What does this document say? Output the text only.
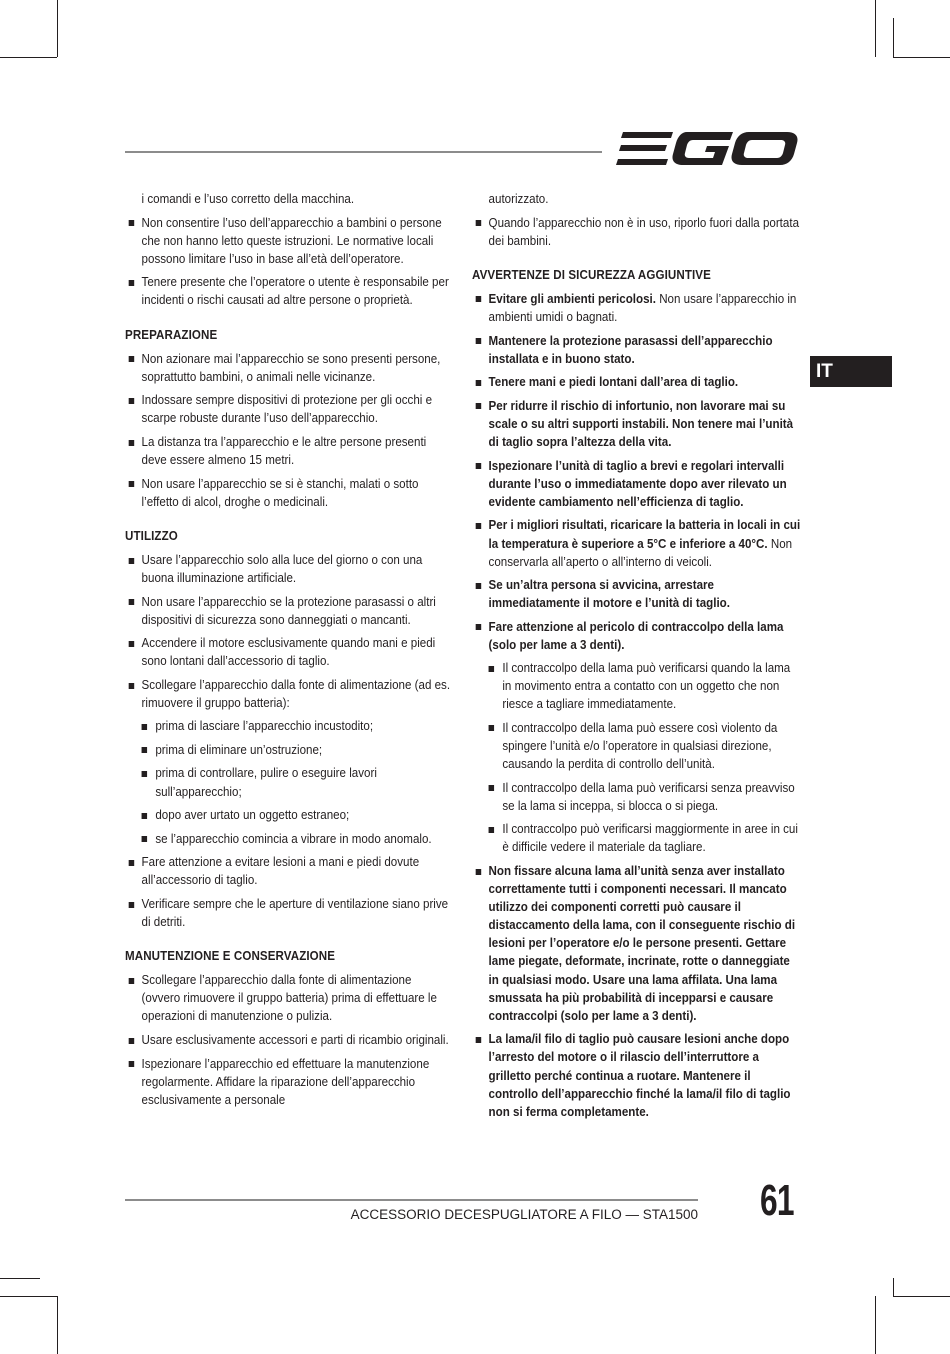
IT

i comandi e l’uso corretto della macchina.

Non consentire l’uso dell’apparecchio a bambini o persone che non hanno letto queste istruzioni. Le normative locali possono limitare l’uso in base all’età dell’operatore.
Tenere presente che l’operatore o utente è responsabile per incidenti o rischi causati ad altre persone o proprietà.

PREPARAZIONE

Non azionare mai l’apparecchio se sono presenti persone, soprattutto bambini, o animali nelle vicinanze.
Indossare sempre dispositivi di protezione per gli occhi e scarpe robuste durante l’uso dell’apparecchio.
La distanza tra l’apparecchio e le altre persone presenti deve essere almeno 15 metri.
Non usare l’apparecchio se si è stanchi, malati o sotto l’effetto di alcol, droghe o medicinali.

UTILIZZO

Usare l’apparecchio solo alla luce del giorno o con una buona illuminazione artificiale.
Non usare l’apparecchio se la protezione parasassi o altri dispositivi di sicurezza sono danneggiati o mancanti.
Accendere il motore esclusivamente quando mani e piedi sono lontani dall’accessorio di taglio.
Scollegare l’apparecchio dalla fonte di alimentazione (ad es. rimuovere il gruppo batteria):
prima di lasciare l’apparecchio incustodito;
prima di eliminare un’ostruzione;
prima di controllare, pulire o eseguire lavori sull’apparecchio;
dopo aver urtato un oggetto estraneo;
se l’apparecchio comincia a vibrare in modo anomalo.
Fare attenzione a evitare lesioni a mani e piedi dovute all’accessorio di taglio.
Verificare sempre che le aperture di ventilazione siano prive di detriti.

MANUTENZIONE E CONSERVAZIONE

Scollegare l’apparecchio dalla fonte di alimentazione (ovvero rimuovere il gruppo batteria) prima di effettuare le operazioni di manutenzione o pulizia.
Usare esclusivamente accessori e parti di ricambio originali.
Ispezionare l’apparecchio ed effettuare la manutenzione regolarmente. Affidare la riparazione dell’apparecchio esclusivamente a personale

autorizzato.

Quando l’apparecchio non è in uso, riporlo fuori dalla portata dei bambini.

AVVERTENZE DI SICUREZZA AGGIUNTIVE

Evitare gli ambienti pericolosi. Non usare l’apparecchio in ambienti umidi o bagnati.
Mantenere la protezione parasassi dell’apparecchio installata e in buono stato.
Tenere mani e piedi lontani dall’area di taglio.
Per ridurre il rischio di infortunio, non lavorare mai su scale o su altri supporti instabili. Non tenere mai l’unità di taglio sopra l’altezza della vita.
Ispezionare l’unità di taglio a brevi e regolari intervalli durante l’uso o immediatamente dopo aver rilevato un evidente cambiamento nell’efficienza di taglio.
Per i migliori risultati, ricaricare la batteria in locali in cui la temperatura è superiore a 5°C e inferiore a 40°C. Non conservarla all’aperto o all’interno di veicoli.
Se un’altra persona si avvicina, arrestare immediatamente il motore e l’unità di taglio.
Fare attenzione al pericolo di contraccolpo della lama (solo per lame a 3 denti).
Il contraccolpo della lama può verificarsi quando la lama in movimento entra a contatto con un oggetto che non riesce a tagliare immediatamente.
Il contraccolpo della lama può essere così violento da spingere l’unità e/o l’operatore in qualsiasi direzione, causando la perdita di controllo dell’unità.
Il contraccolpo della lama può verificarsi senza preavviso se la lama si inceppa, si blocca o si piega.
Il contraccolpo può verificarsi maggiormente in aree in cui è difficile vedere il materiale da tagliare.
Non fissare alcuna lama all’unità senza aver installato correttamente tutti i componenti necessari. Il mancato utilizzo dei componenti corretti può causare il distaccamento della lama, con il conseguente rischio di lesioni per l’operatore e/o le persone presenti. Gettare lame piegate, deformate, incrinate, rotte o danneggiate in qualsiasi modo. Usare una lama affilata. Una lama smussata ha più probabilità di incepparsi e causare contraccolpi (solo per lame a 3 denti).
La lama/il filo di taglio può causare lesioni anche dopo l’arresto del motore o il rilascio dell’interruttore a grilletto perché continua a ruotare. Mantenere il controllo dell’apparecchio finché la lama/il filo di taglio non si ferma completamente.
ACCESSORIO DECESPUGLIATORE A FILO — STA1500 61
